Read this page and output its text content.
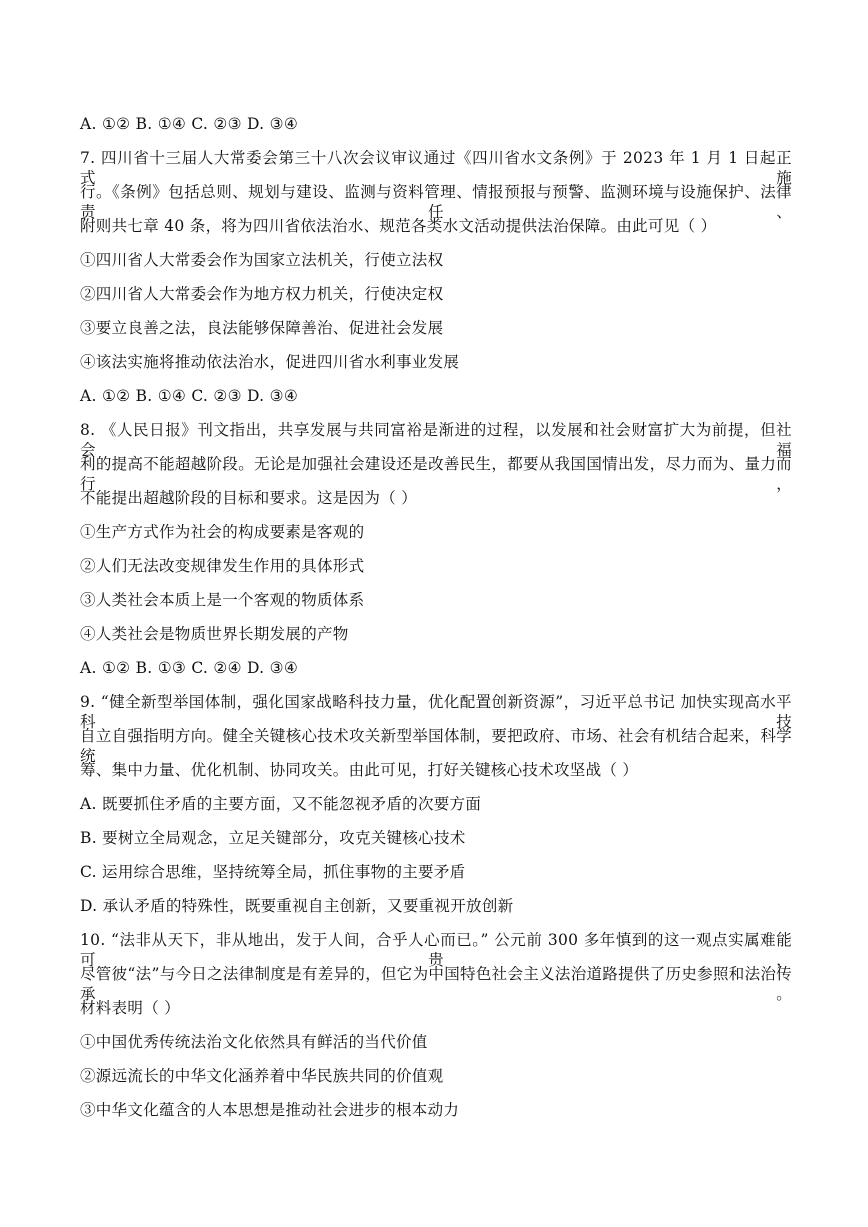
A. ①② B. ①④ C. ②③ D. ③④
7. 四川省十三届人大常委会第三十八次会议审议通过《四川省水文条例》于 2023 年 1 月 1 日起正式施
行。《条例》包括总则、规划与建设、监测与资料管理、情报预报与预警、监测环境与设施保护、法律责任、
附则共七章 40 条，将为四川省依法治水、规范各类水文活动提供法治保障。由此可见（ ）
①四川省人大常委会作为国家立法机关，行使立法权
②四川省人大常委会作为地方权力机关，行使决定权
③要立良善之法，良法能够保障善治、促进社会发展
④该法实施将推动依法治水，促进四川省水利事业发展
A. ①② B. ①④ C. ②③ D. ③④
8. 《人民日报》刊文指出，共享发展与共同富裕是渐进的过程，以发展和社会财富扩大为前提，但社会福
利的提高不能超越阶段。无论是加强社会建设还是改善民生，都要从我国国情出发，尽力而为、量力而行，
不能提出超越阶段的目标和要求。这是因为（ ）
①生产方式作为社会的构成要素是客观的
②人们无法改变规律发生作用的具体形式
③人类社会本质上是一个客观的物质体系
④人类社会是物质世界长期发展的产物
A. ①② B. ①③ C. ②④ D. ③④
9. “健全新型举国体制，强化国家战略科技力量，优化配置创新资源”，习近平总书记 加快实现高水平科技
自立自强指明方向。健全关键核心技术攻关新型举国体制，要把政府、市场、社会有机结合起来，科学统
筹、集中力量、优化机制、协同攻关。由此可见，打好关键核心技术攻坚战（ ）
A. 既要抓住矛盾的主要方面，又不能忽视矛盾的次要方面
B. 要树立全局观念，立足关键部分，攻克关键核心技术
C. 运用综合思维，坚持统筹全局，抓住事物的主要矛盾
D. 承认矛盾的特殊性，既要重视自主创新，又要重视开放创新
10. “法非从天下，非从地出，发于人间，合乎人心而已。” 公元前 300 多年慎到的这一观点实属难能可贵，
尽管彼“法”与今日之法律制度是有差异的，但它为中国特色社会主义法治道路提供了历史参照和法治传承。
材料表明（ ）
①中国优秀传统法治文化依然具有鲜活的当代价值
②源远流长的中华文化涵养着中华民族共同的价值观
③中华文化蕴含的人本思想是推动社会进步的根本动力
